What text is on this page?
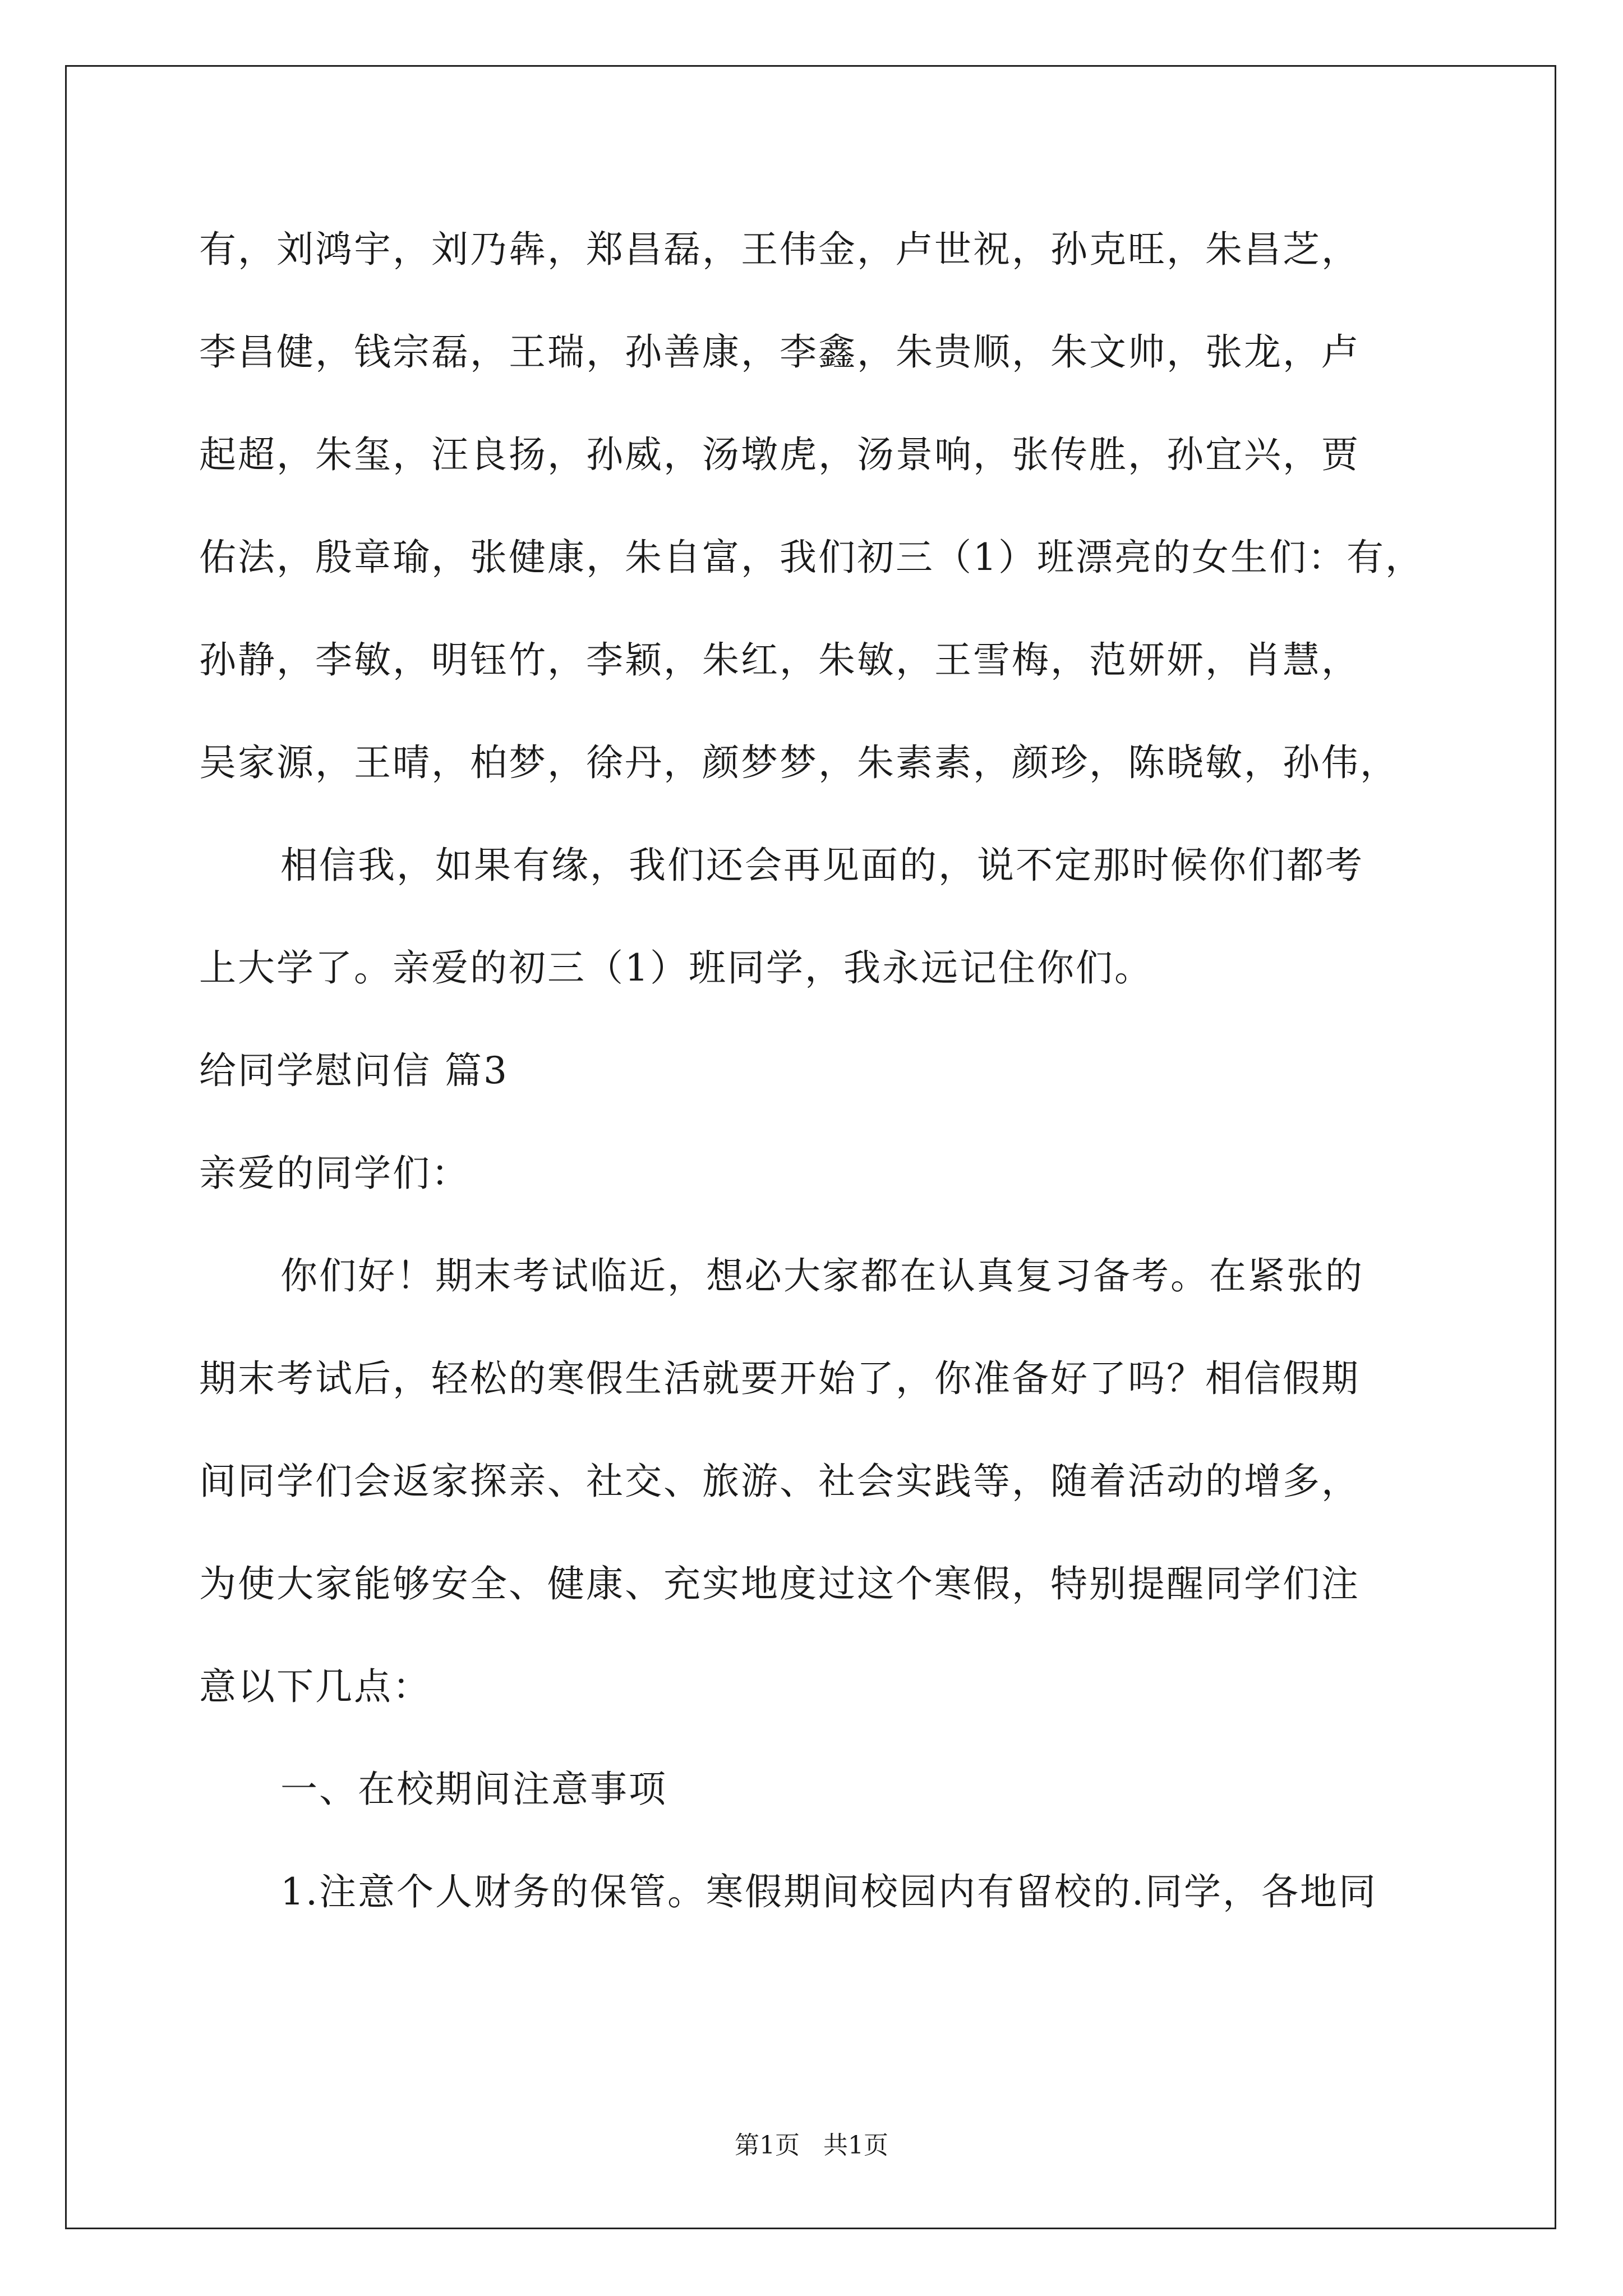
有，刘鸿宇，刘乃犇，郑昌磊，王伟金，卢世祝，孙克旺，朱昌芝，
李昌健，钱宗磊，王瑞，孙善康，李鑫，朱贵顺，朱文帅，张龙，卢
起超，朱玺，汪良扬，孙威，汤墩虎，汤景响，张传胜，孙宜兴，贾
佑法，殷章瑜，张健康，朱自富，我们初三（1）班漂亮的女生们：有，
孙静，李敏，明钰竹，李颖，朱红，朱敏，王雪梅，范妍妍，肖慧，
吴家源，王晴，柏梦，徐丹，颜梦梦，朱素素，颜珍，陈晓敏，孙伟，
相信我，如果有缘，我们还会再见面的，说不定那时候你们都考
上大学了。亲爱的初三（1）班同学，我永远记住你们。
给同学慰问信 篇3
亲爱的同学们：
你们好！期末考试临近，想必大家都在认真复习备考。在紧张的
期末考试后，轻松的寒假生活就要开始了，你准备好了吗？相信假期
间同学们会返家探亲、社交、旅游、社会实践等，随着活动的增多，
为使大家能够安全、健康、充实地度过这个寒假，特别提醒同学们注
意以下几点：
一、在校期间注意事项
1.注意个人财务的保管。寒假期间校园内有留校的.同学，各地同
第1页   共1页
